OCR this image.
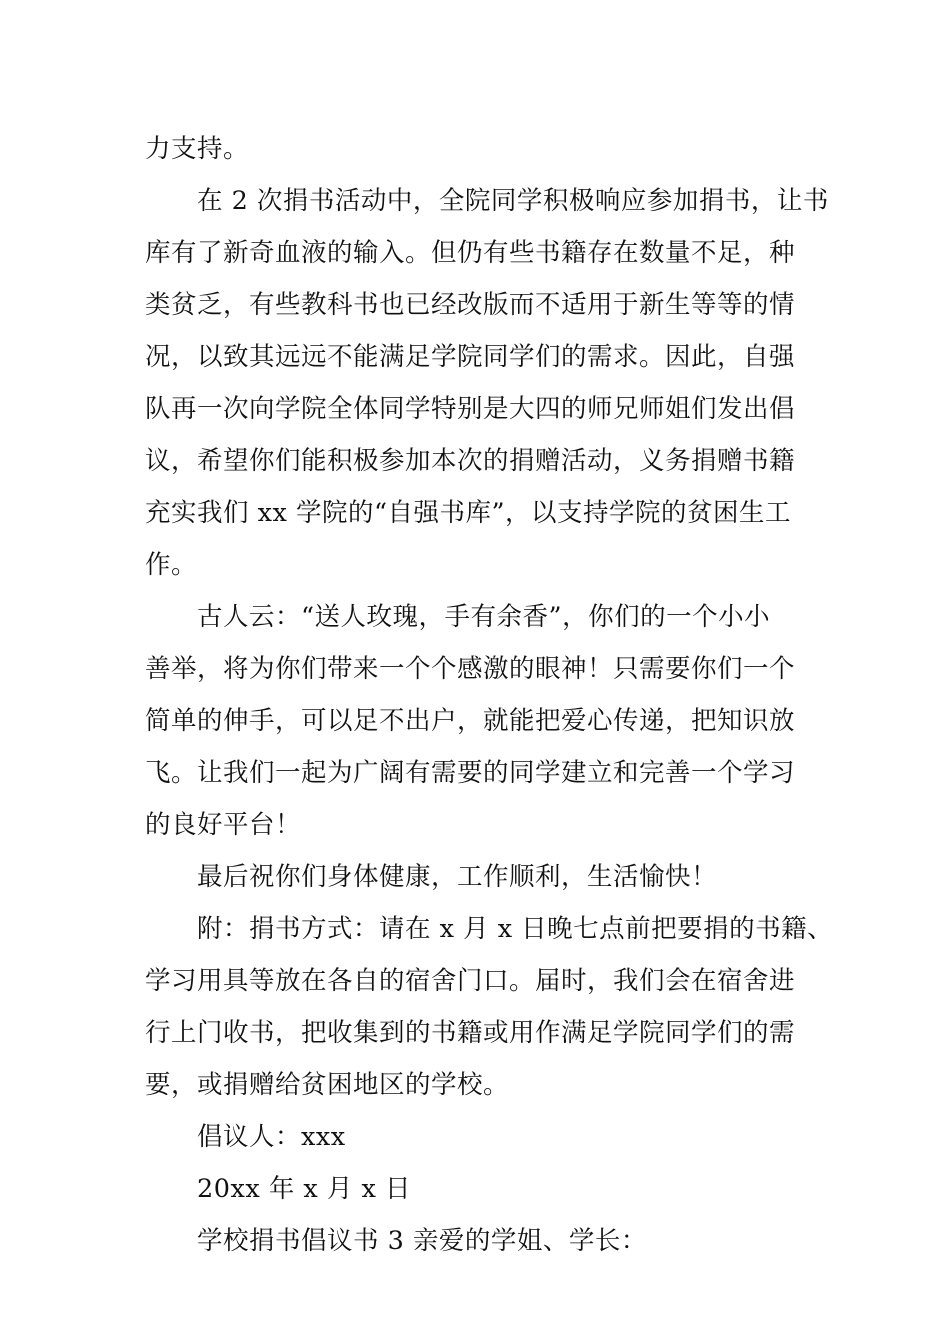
力支持。
在 2 次捐书活动中，全院同学积极响应参加捐书，让书
库有了新奇血液的输入。但仍有些书籍存在数量不足，种
类贫乏，有些教科书也已经改版而不适用于新生等等的情
况，以致其远远不能满足学院同学们的需求。因此，自强
队再一次向学院全体同学特别是大四的师兄师姐们发出倡
议，希望你们能积极参加本次的捐赠活动，义务捐赠书籍
充实我们 xx 学院的“自强书库”，以支持学院的贫困生工
作。
古人云：“送人玫瑰，手有余香”，你们的一个小小
善举，将为你们带来一个个感激的眼神！只需要你们一个
简单的伸手，可以足不出户，就能把爱心传递，把知识放
飞。让我们一起为广阔有需要的同学建立和完善一个学习
的良好平台！
最后祝你们身体健康，工作顺利，生活愉快！
附：捐书方式：请在 x 月 x 日晚七点前把要捐的书籍、
学习用具等放在各自的宿舍门口。届时，我们会在宿舍进
行上门收书，把收集到的书籍或用作满足学院同学们的需
要，或捐赠给贫困地区的学校。
倡议人：xxx
20xx 年 x 月 x 日
学校捐书倡议书 3 亲爱的学姐、学长：
